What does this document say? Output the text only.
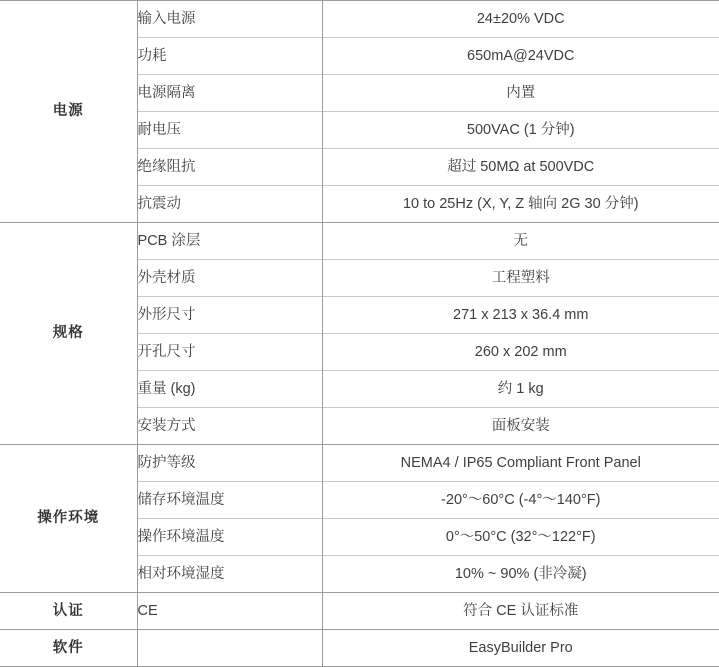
电源	输入电源	24±20% VDC
	功耗	650mA@24VDC
	电源隔离	内置
	耐电压	500VAC (1 分钟)
	绝缘阻抗	超过 50MΩ at 500VDC
	抗震动	10 to 25Hz (X, Y, Z 轴向 2G 30 分钟)
规格	PCB 涂层	无
	外壳材质	工程塑料
	外形尺寸	271 x 213 x 36.4 mm
	开孔尺寸	260 x 202 mm
	重量 (kg)	约 1 kg
	安装方式	面板安装
操作环境	防护等级	NEMA4 / IP65 Compliant Front Panel
	储存环境温度	-20°～60°C (-4°～140°F)
	操作环境温度	0°～50°C (32°～122°F)
	相对环境湿度	10% ~ 90% (非冷凝)
认证	CE	符合 CE 认证标准
软件		EasyBuilder Pro
